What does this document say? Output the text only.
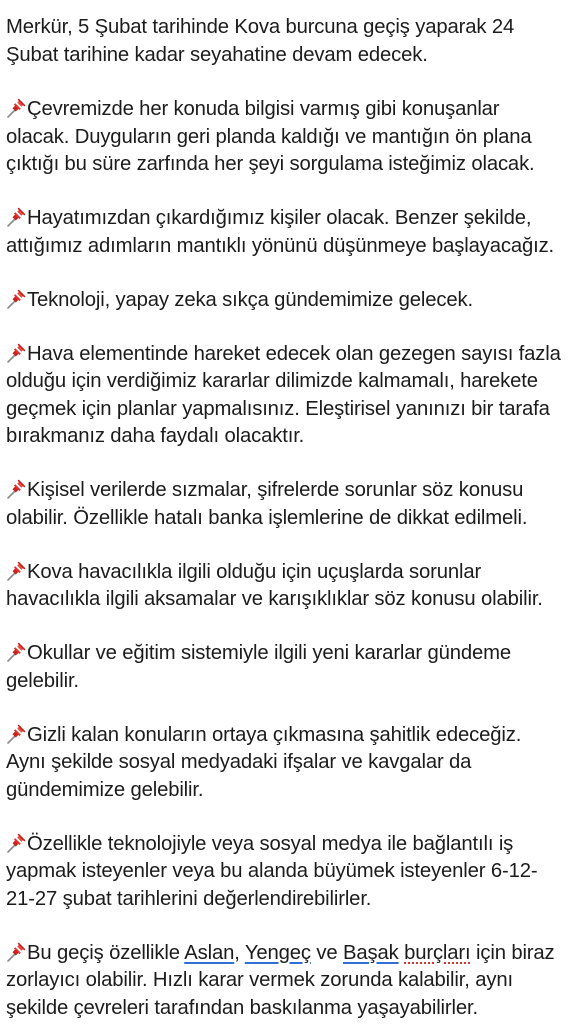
Merkür, 5 Şubat tarihinde Kova burcuna geçiş yaparak 24 Şubat tarihine kadar seyahatine devam edecek.

Çevremizde her konuda bilgisi varmış gibi konuşanlar olacak. Duyguların geri planda kaldığı ve mantığın ön plana çıktığı bu süre zarfında her şeyi sorgulama isteğimiz olacak.

Hayatımızdan çıkardığımız kişiler olacak. Benzer şekilde, attığımız adımların mantıklı yönünü düşünmeye başlayacağız.

Teknoloji, yapay zeka sıkça gündemimize gelecek.

Hava elementinde hareket edecek olan gezegen sayısı fazla olduğu için verdiğimiz kararlar dilimizde kalmamalı, harekete geçmek için planlar yapmalısınız. Eleştirisel yanınızı bir tarafa bırakmanız daha faydalı olacaktır.

Kişisel verilerde sızmalar, şifrelerde sorunlar söz konusu olabilir. Özellikle hatalı banka işlemlerine de dikkat edilmeli.

Kova havacılıkla ilgili olduğu için uçuşlarda sorunlar havacılıkla ilgili aksamalar ve karışıklıklar söz konusu olabilir.

Okullar ve eğitim sistemiyle ilgili yeni kararlar gündeme gelebilir.

Gizli kalan konuların ortaya çıkmasına şahitlik edeceğiz. Aynı şekilde sosyal medyadaki ifşalar ve kavgalar da gündemimize gelebilir.

Özellikle teknolojiyle veya sosyal medya ile bağlantılı iş yapmak isteyenler veya bu alanda büyümek isteyenler 6-12-21-27 şubat tarihlerini değerlendirebilirler.

Bu geçiş özellikle Aslan, Yengeç ve Başak burçları için biraz zorlayıcı olabilir. Hızlı karar vermek zorunda kalabilir, aynı şekilde çevreleri tarafından baskılanma yaşayabilirler.
